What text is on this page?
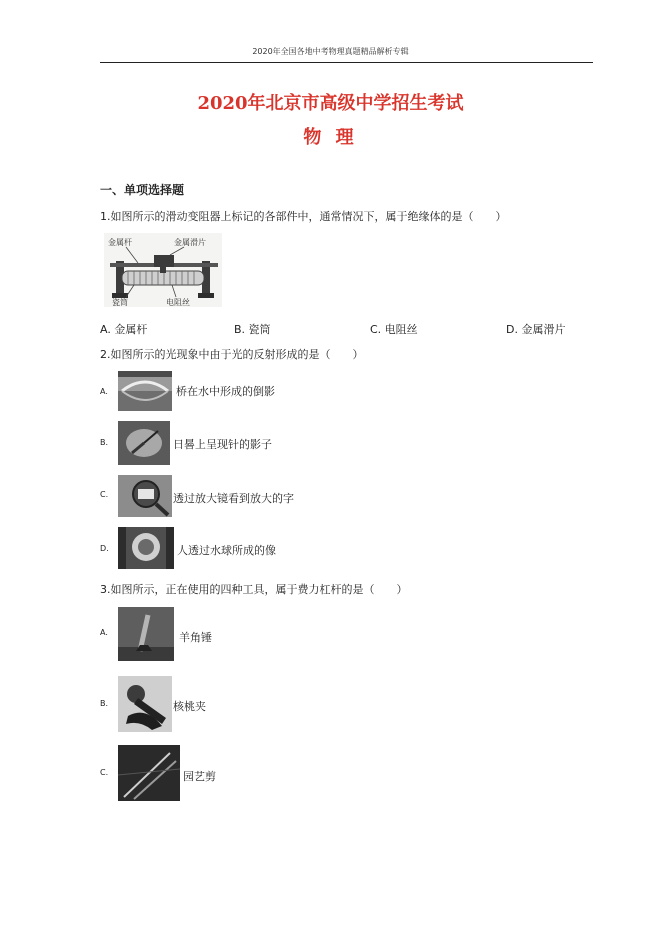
2020年全国各地中考物理真题精品解析专辑
2020年北京市高级中学招生考试
物 理
一、单项选择题
1.如图所示的滑动变阻器上标记的各部件中，通常情况下，属于绝缘体的是（　　）
金属杆	金属滑片
瓷筒	电阻丝
A. 金属杆	B. 瓷筒	C. 电阻丝	D. 金属滑片
2.如图所示的光现象中由于光的反射形成的是（　　）
A.	桥在水中形成的倒影
B.	日晷上呈现针的影子
C.	透过放大镜看到放大的字
D.	人透过水球所成的像
3.如图所示，正在使用的四种工具，属于费力杠杆的是（　　）
A.	羊角锤
B.	核桃夹
C.	园艺剪
